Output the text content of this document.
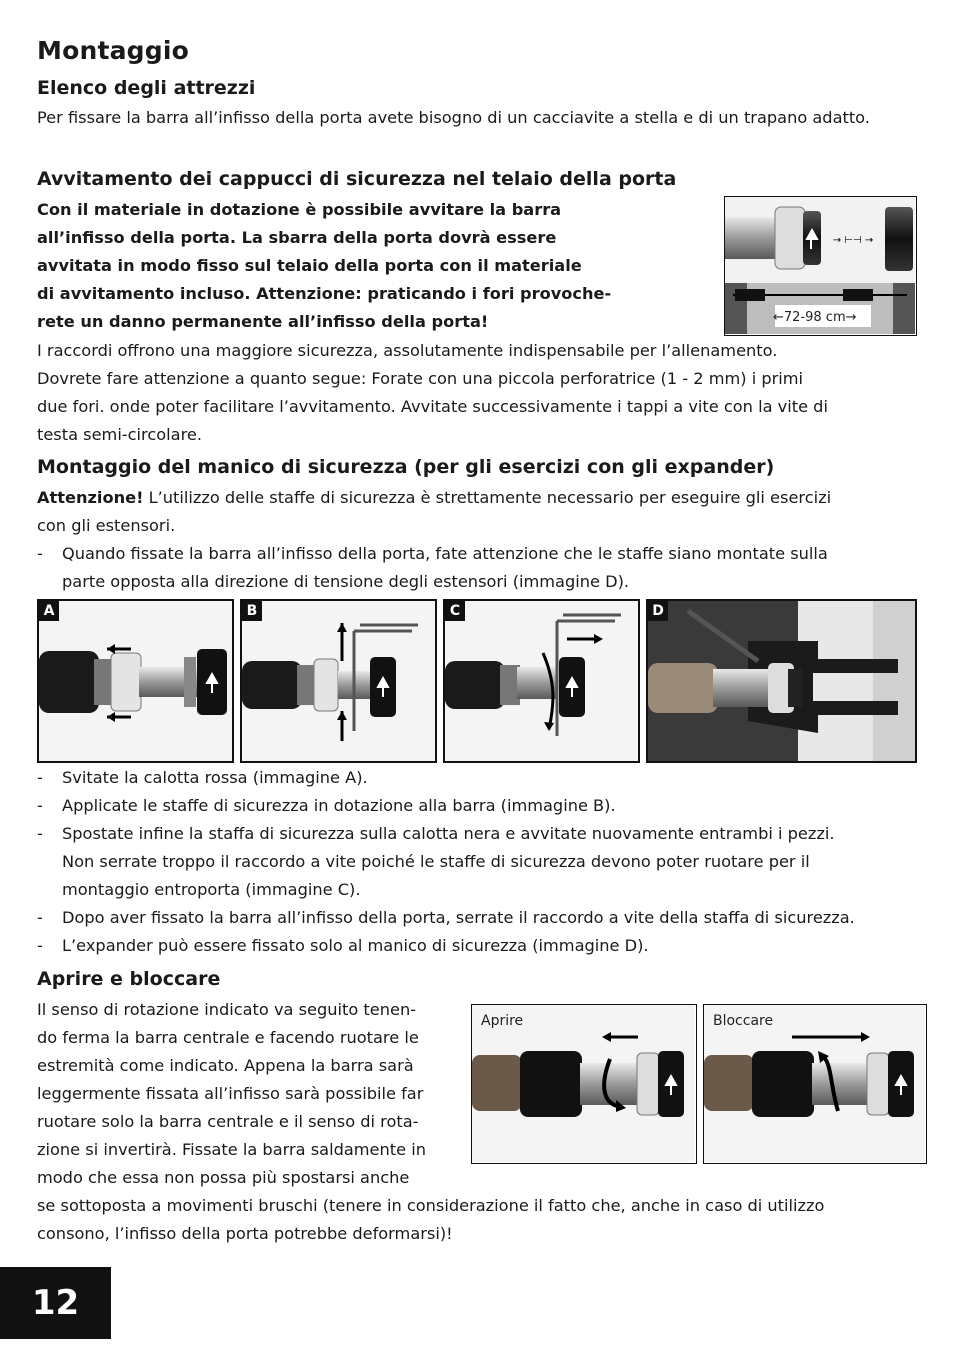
Montaggio
Elenco degli attrezzi
Per fissare la barra all’infisso della porta avete bisogno di un cacciavite a stella e di un trapano adatto.
Avvitamento dei cappucci di sicurezza nel telaio della porta
Con il materiale in dotazione è possibile avvitare la barra
all’infisso della porta. La sbarra della porta dovrà essere
avvitata in modo fisso sul telaio della porta con il materiale
di avvitamento incluso. Attenzione: praticando i fori provoche-
rete un danno permanente all’infisso della porta!
I raccordi offrono una maggiore sicurezza, assolutamente indispensabile per l’allenamento.
Dovrete fare attenzione a quanto segue: Forate con una piccola perforatrice (1 - 2 mm) i primi
due fori. onde poter facilitare l’avvitamento. Avvitate successivamente i tappi a vite con la vite di
testa semi-circolare.
→ ⊢⊣ →
←72-98 cm→
Montaggio del manico di sicurezza (per gli esercizi con gli expander)
Attenzione! L’utilizzo delle staffe di sicurezza è strettamente necessario per eseguire gli esercizi
con gli estensori.
- Quando fissate la barra all’infisso della porta, fate attenzione che le staffe siano montate sulla
parte opposta alla direzione di tensione degli estensori (immagine D).
A	B	C	D
- Svitate la calotta rossa (immagine A).
- Applicate le staffe di sicurezza in dotazione alla barra (immagine B).
- Spostate infine la staffa di sicurezza sulla calotta nera e avvitate nuovamente entrambi i pezzi.
Non serrate troppo il raccordo a vite poiché le staffe di sicurezza devono poter ruotare per il
montaggio entroporta (immagine C).
- Dopo aver fissato la barra all’infisso della porta, serrate il raccordo a vite della staffa di sicurezza.
- L’expander può essere fissato solo al manico di sicurezza (immagine D).
Aprire e bloccare
Il senso di rotazione indicato va seguito tenen-
do ferma la barra centrale e facendo ruotare le
estremità come indicato. Appena la barra sarà
leggermente fissata all’infisso sarà possibile far
ruotare solo la barra centrale e il senso di rota-
zione si invertirà. Fissate la barra saldamente in
modo che essa non possa più spostarsi anche
se sottoposta a movimenti bruschi (tenere in considerazione il fatto che, anche in caso di utilizzo
consono, l’infisso della porta potrebbe deformarsi)!
Aprire	Bloccare
12
